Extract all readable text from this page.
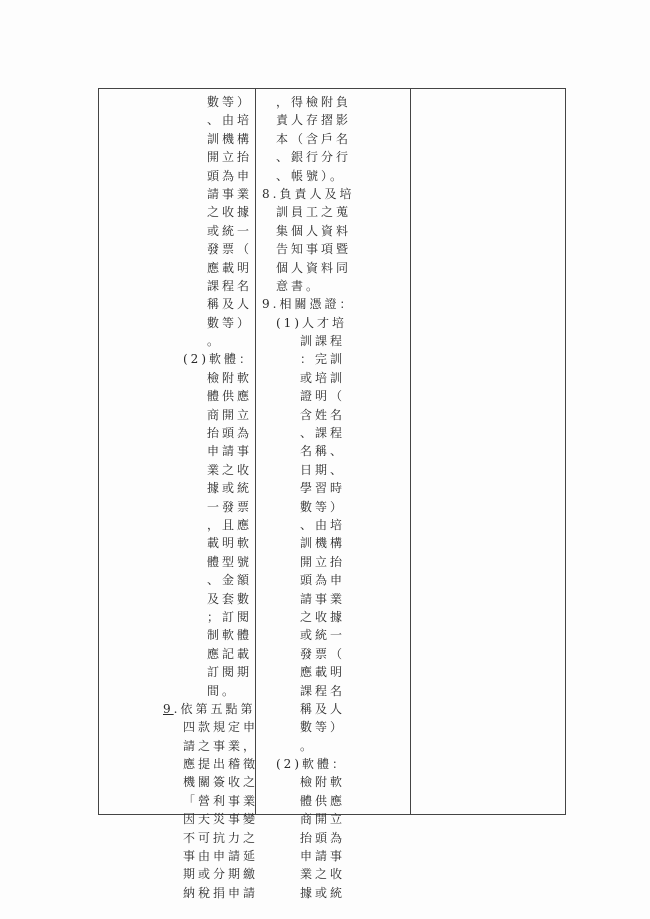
數等）
、由培
訓機構
開立抬
頭為申
請事業
之收據
或統一
發票（
應載明
課程名
稱及人
數等）
。
(2)軟體：
檢附軟
體供應
商開立
抬頭為
申請事
業之收
據或統
一發票
，且應
載明軟
體型號
、金額
及套數
；訂閱
制軟體
應記載
訂閱期
間。
9.依第五點第
四款規定申
請之事業，
應提出稽徵
機關簽收之
「營利事業
因天災事變
不可抗力之
事由申請延
期或分期繳
納稅捐申請
，得檢附負
責人存摺影
本（含戶名
、銀行分行
、帳號）。
8.負責人及培
訓員工之蒐
集個人資料
告知事項暨
個人資料同
意書。
9.相關憑證：
(1)人才培
訓課程
：完訓
或培訓
證明（
含姓名
、課程
名稱、
日期、
學習時
數等）
、由培
訓機構
開立抬
頭為申
請事業
之收據
或統一
發票（
應載明
課程名
稱及人
數等）
。
(2)軟體：
檢附軟
體供應
商開立
抬頭為
申請事
業之收
據或統
